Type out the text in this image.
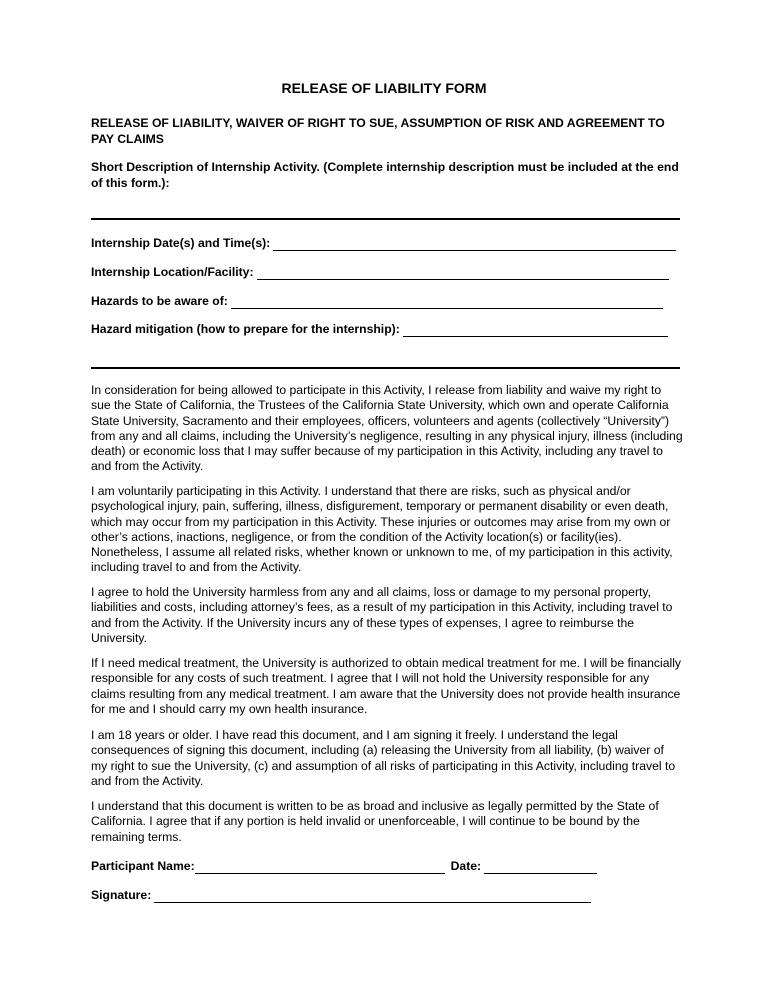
RELEASE OF LIABILITY FORM

RELEASE OF LIABILITY, WAIVER OF RIGHT TO SUE, ASSUMPTION OF RISK AND AGREEMENT TO PAY CLAIMS

Short Description of Internship Activity. (Complete internship description must be included at the end of this form.):

Internship Date(s) and Time(s):
Internship Location/Facility:
Hazards to be aware of:
Hazard mitigation (how to prepare for the internship):

In consideration for being allowed to participate in this Activity, I release from liability and waive my right to sue the State of California, the Trustees of the California State University, which own and operate California State University, Sacramento and their employees, officers, volunteers and agents (collectively “University”) from any and all claims, including the University’s negligence, resulting in any physical injury, illness (including death) or economic loss that I may suffer because of my participation in this Activity, including any travel to and from the Activity.

I am voluntarily participating in this Activity. I understand that there are risks, such as physical and/or psychological injury, pain, suffering, illness, disfigurement, temporary or permanent disability or even death, which may occur from my participation in this Activity. These injuries or outcomes may arise from my own or other’s actions, inactions, negligence, or from the condition of the Activity location(s) or facility(ies). Nonetheless, I assume all related risks, whether known or unknown to me, of my participation in this activity, including travel to and from the Activity.

I agree to hold the University harmless from any and all claims, loss or damage to my personal property, liabilities and costs, including attorney’s fees, as a result of my participation in this Activity, including travel to and from the Activity. If the University incurs any of these types of expenses, I agree to reimburse the University.

If I need medical treatment, the University is authorized to obtain medical treatment for me. I will be financially responsible for any costs of such treatment. I agree that I will not hold the University responsible for any claims resulting from any medical treatment. I am aware that the University does not provide health insurance for me and I should carry my own health insurance.

I am 18 years or older. I have read this document, and I am signing it freely. I understand the legal consequences of signing this document, including (a) releasing the University from all liability, (b) waiver of my right to sue the University, (c) and assumption of all risks of participating in this Activity, including travel to and from the Activity.

I understand that this document is written to be as broad and inclusive as legally permitted by the State of California. I agree that if any portion is held invalid or unenforceable, I will continue to be bound by the remaining terms.

Participant Name:	Date:
Signature:
